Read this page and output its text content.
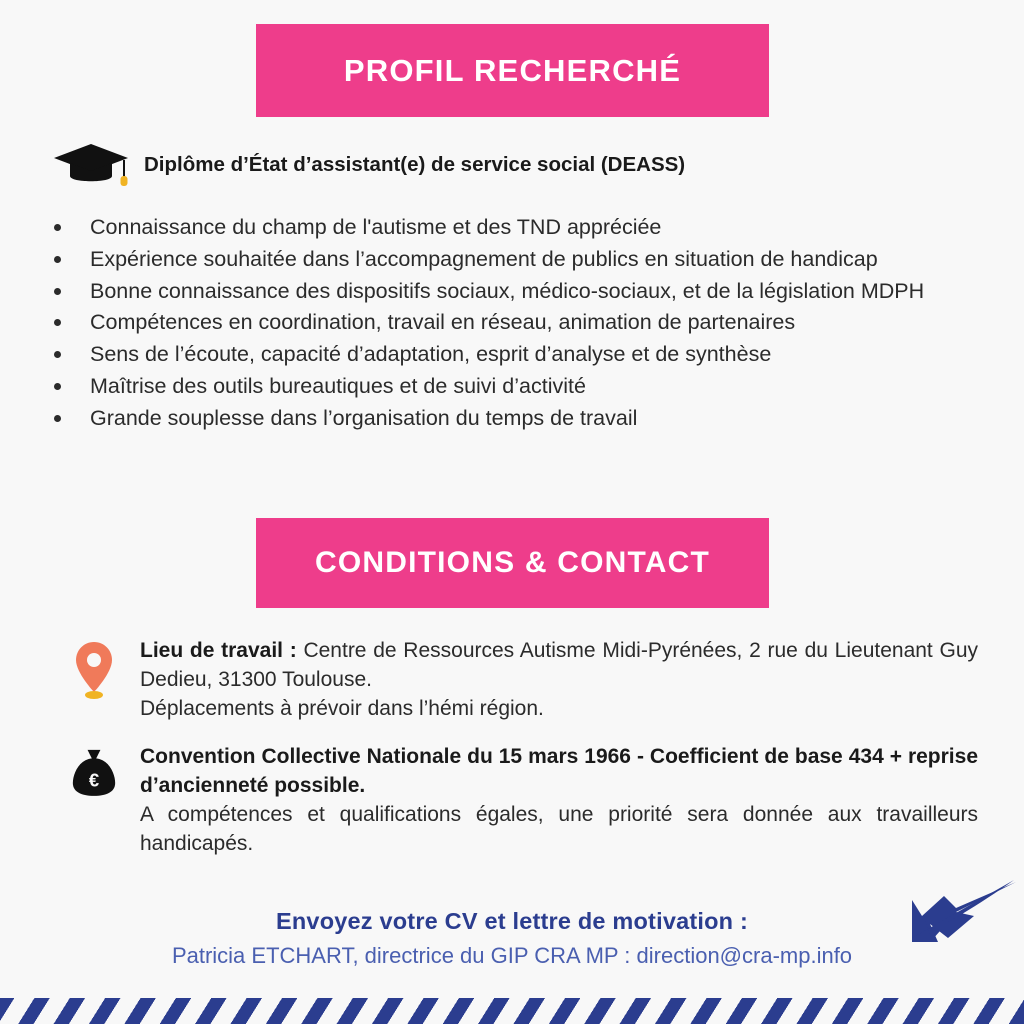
PROFIL RECHERCHÉ
Diplôme d’État d’assistant(e) de service social (DEASS)
Connaissance du champ de l'autisme et des TND appréciée
Expérience souhaitée dans l’accompagnement de publics en situation de handicap
Bonne connaissance des dispositifs sociaux, médico-sociaux, et de la législation MDPH
Compétences en coordination, travail en réseau, animation de partenaires
Sens de l’écoute, capacité d’adaptation, esprit d’analyse et de synthèse
Maîtrise des outils bureautiques et de suivi d’activité
Grande souplesse dans l’organisation du temps de travail
CONDITIONS & CONTACT
Lieu de travail : Centre de Ressources Autisme Midi-Pyrénées, 2 rue du Lieutenant Guy Dedieu, 31300 Toulouse.
Déplacements à prévoir dans l’hémi région.
€
Convention Collective Nationale du 15 mars 1966 - Coefficient de base 434 + reprise d’ancienneté possible.
A compétences et qualifications égales, une priorité sera donnée aux travailleurs handicapés.
Envoyez votre CV et lettre de motivation :
Patricia ETCHART, directrice du GIP CRA MP : direction@cra-mp.info
